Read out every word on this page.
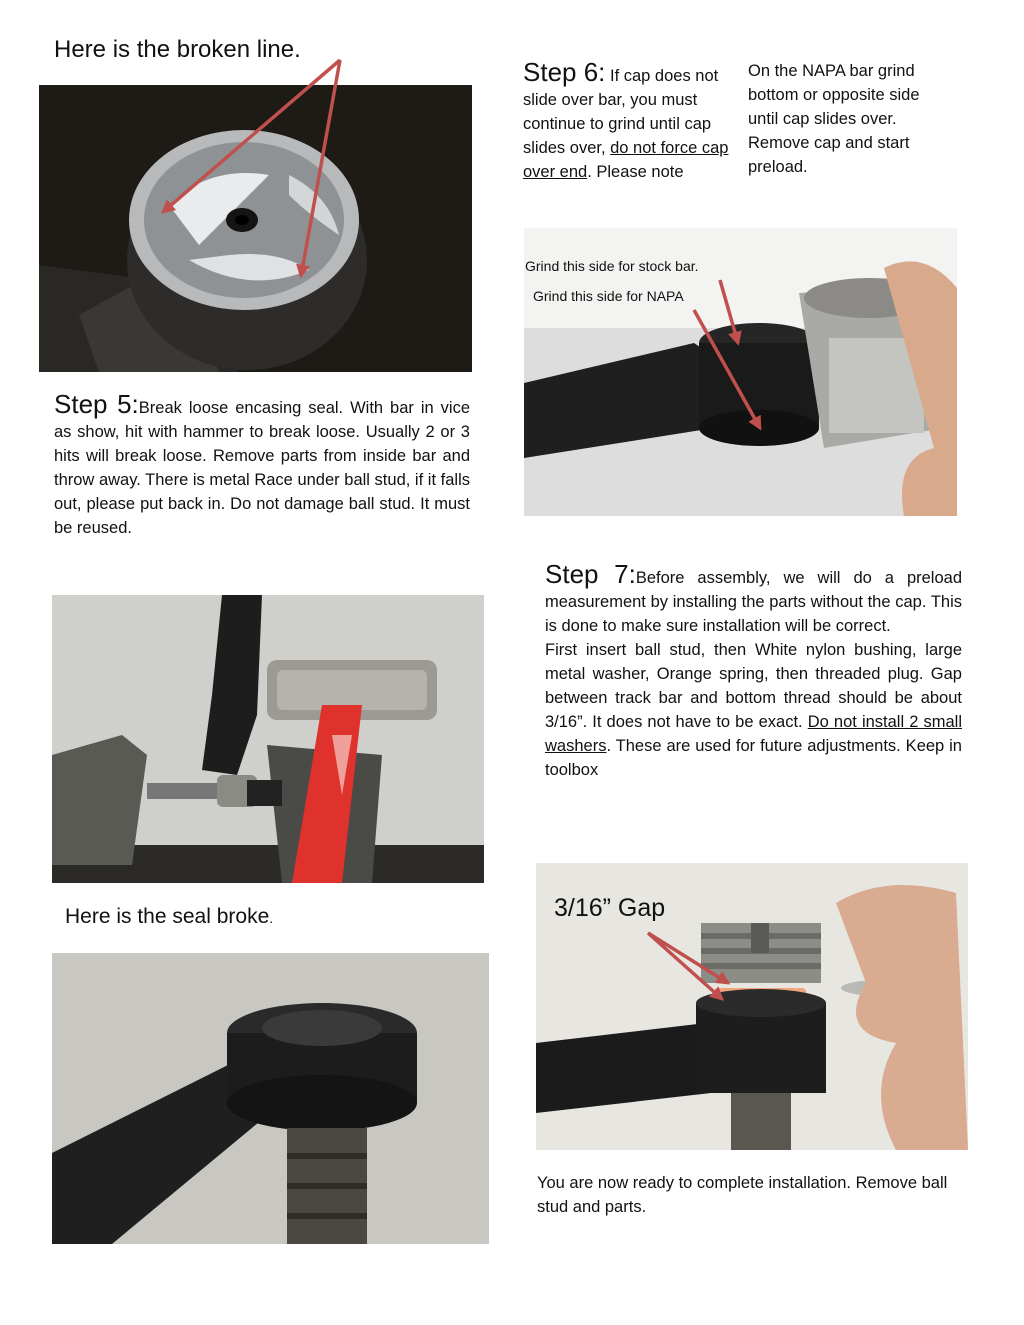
Here is the broken line.
Step 5:Break loose encasing seal. With bar in vice as show, hit with hammer to break loose. Usually 2 or 3 hits will break loose. Remove parts from inside bar and throw away. There is metal Race under ball stud, if it falls out, please put back in. Do not damage ball stud. It must be reused.
Here is the seal broke.
Step 6: If cap does not slide over bar, you must continue to grind until cap slides over, do not force cap over end. Please note
On the NAPA bar grind bottom or opposite side until cap slides over. Remove cap and start preload.
Grind this side for stock bar.
Grind this side for NAPA

Step 7:Before assembly, we will do a preload measurement by installing the parts without the cap. This is done to make sure installation will be correct.

First insert ball stud, then White nylon bushing, large metal washer, Orange spring, then threaded plug. Gap between track bar and bottom thread should be about 3/16”. It does not have to be exact. Do not install 2 small washers. These are used for future adjustments. Keep in toolbox

3/16” Gap
You are now ready to complete installation. Remove ball stud and parts.
